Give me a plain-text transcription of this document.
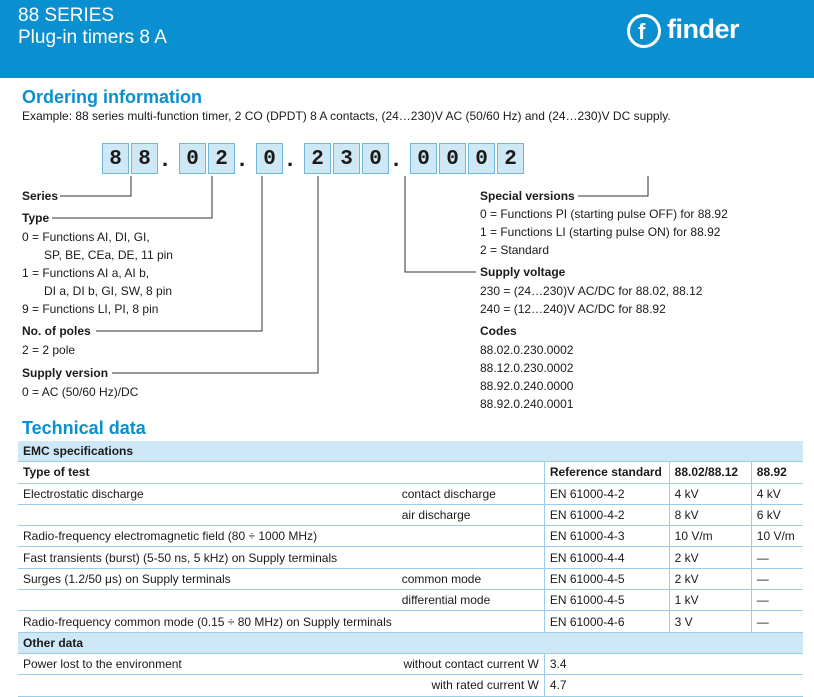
88 SERIES
Plug-in timers 8 A	f finder
Ordering information
Example: 88 series multi-function timer, 2 CO (DPDT) 8 A contacts, (24…230)V AC (50/60 Hz) and (24…230)V DC supply.
8 8 . 0 2 . 0 . 2 3 0 . 0 0 0 2
Series
Type
0 = Functions AI, DI, GI,
SP, BE, CEa, DE, 11 pin
1 = Functions AI a, AI b,
DI a, DI b, GI, SW, 8 pin
9 = Functions LI, PI, 8 pin
No. of poles
2 = 2 pole
Supply version
0 = AC (50/60 Hz)/DC
Special versions
0 = Functions PI (starting pulse OFF) for 88.92
1 = Functions LI (starting pulse ON) for 88.92
2 = Standard
Supply voltage
230 = (24…230)V AC/DC for 88.02, 88.12
240 = (12…240)V AC/DC for 88.92
Codes
88.02.0.230.0002
88.12.0.230.0002
88.92.0.240.0000
88.92.0.240.0001
Technical data
EMC specifications				
Type of test		Reference standard	88.02/88.12	88.92
Electrostatic discharge	contact discharge	EN 61000-4-2	4 kV	4 kV
	air discharge	EN 61000-4-2	8 kV	6 kV
Radio-frequency electromagnetic field (80 ÷ 1000 MHz)		EN 61000-4-3	10 V/m	10 V/m
Fast transients (burst) (5-50 ns, 5 kHz) on Supply terminals		EN 61000-4-4	2 kV	—
Surges (1.2/50 μs) on Supply terminals	common mode	EN 61000-4-5	2 kV	—
	differential mode	EN 61000-4-5	1 kV	—
Radio-frequency common mode (0.15 ÷ 80 MHz) on Supply terminals		EN 61000-4-6	3 V	—
Other data				
Power lost to the environment	without contact current W	3.4		
	with rated current W	4.7		
